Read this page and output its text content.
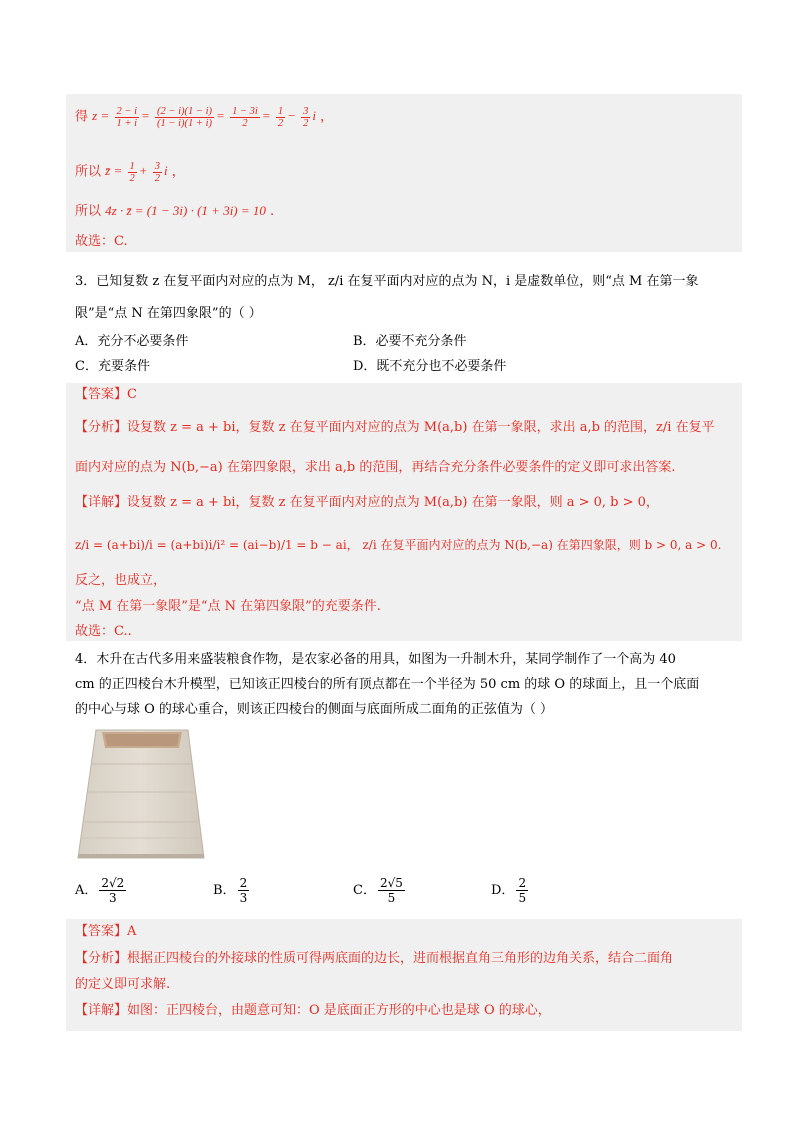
得 $z = \frac{2 - i}{1 + i} = \frac{(2 - i)(1 - i)}{(1 - i)(1 + i)} = \frac{1 - 3i}{2} = \frac{1}{2} - \frac{3}{2}$ i ，
所以 z̄ = $\frac{1}{2} + \frac{3}{2}$ i ，
所以 4z · z̄ = (1 − 3i) · (1 + 3i) = 10 .
故选：C.
3．已知复数 z 在复平面内对应的点为 M， z/i 在复平面内对应的点为 N，i 是虚数单位，则“点 M 在第一象
限”是“点 N 在第四象限”的（ ）
A．充分不必要条件	B．必要不充分条件
C．充要条件	D．既不充分也不必要条件
【答案】C
【分析】设复数 z = a + bi，复数 z 在复平面内对应的点为 M(a,b) 在第一象限，求出 a,b 的范围，z/i 在复平
面内对应的点为 N(b,−a) 在第四象限，求出 a,b 的范围，再结合充分条件必要条件的定义即可求出答案.
【详解】设复数 z = a + bi，复数 z 在复平面内对应的点为 M(a,b) 在第一象限，则 a > 0, b > 0，
z/i = (a+bi)/i = (a+bi)i/i² = (ai−b)/1 = b − ai， z/i 在复平面内对应的点为 N(b,−a) 在第四象限，则 b > 0, a > 0.
反之，也成立，
“点 M 在第一象限”是“点 N 在第四象限”的充要条件.
故选：C..
4．木升在古代多用来盛装粮食作物，是农家必备的用具，如图为一升制木升，某同学制作了一个高为 40
cm 的正四棱台木升模型，已知该正四棱台的所有顶点都在一个半径为 50 cm 的球 O 的球面上，且一个底面
的中心与球 O 的球心重合，则该正四棱台的侧面与底面所成二面角的正弦值为（ ）
A． $\frac{2√2}{3}$	B． $\frac{2}{3}$	C． $\frac{2√5}{5}$	D． $\frac{2}{5}$
【答案】A
【分析】根据正四棱台的外接球的性质可得两底面的边长，进而根据直角三角形的边角关系，结合二面角
的定义即可求解.
【详解】如图：正四棱台，由题意可知：O 是底面正方形的中心也是球 O 的球心，
